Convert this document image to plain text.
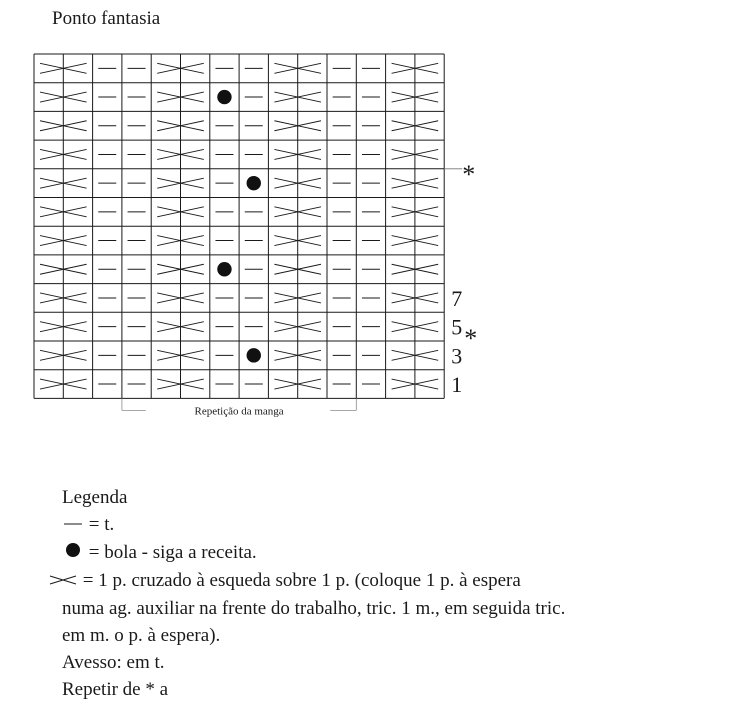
Ponto fantasia
*
7
5
3
1
*
Repetição da manga
Legenda
= t.
= bola - siga a receita.
= 1 p. cruzado à esqueda sobre 1 p. (coloque 1 p. à espera
numa ag. auxiliar na frente do trabalho, tric. 1 m., em seguida tric.
em m. o p. à espera).
Avesso: em t.
Repetir de * a
